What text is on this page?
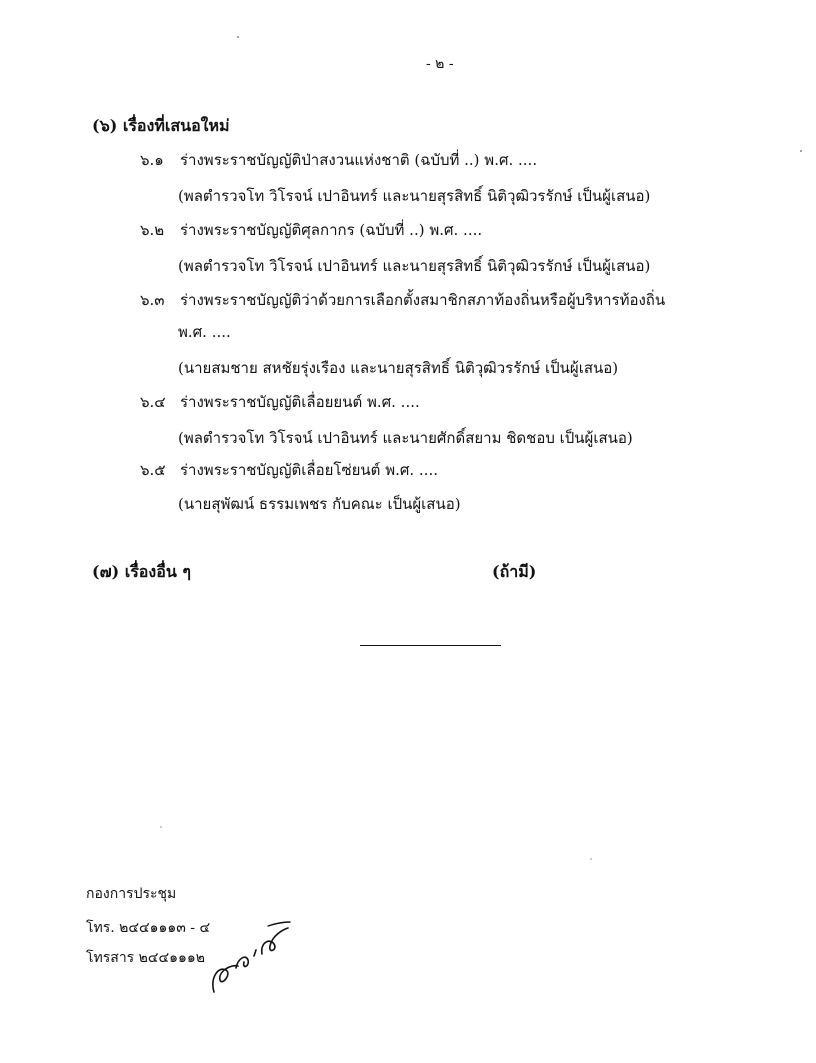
- ๒ -
(๖) เรื่องที่เสนอใหม่
๖.๑ ร่างพระราชบัญญัติป่าสงวนแห่งชาติ (ฉบับที่ ..) พ.ศ. ....
(พลตำรวจโท วิโรจน์ เปาอินทร์ และนายสุรสิทธิ์ นิติวุฒิวรรักษ์ เป็นผู้เสนอ)
๖.๒ ร่างพระราชบัญญัติศุลกากร (ฉบับที่ ..) พ.ศ. ....
(พลตำรวจโท วิโรจน์ เปาอินทร์ และนายสุรสิทธิ์ นิติวุฒิวรรักษ์ เป็นผู้เสนอ)
๖.๓ ร่างพระราชบัญญัติว่าด้วยการเลือกตั้งสมาชิกสภาท้องถิ่นหรือผู้บริหารท้องถิ่น
พ.ศ. ....
(นายสมชาย สหชัยรุ่งเรือง และนายสุรสิทธิ์ นิติวุฒิวรรักษ์ เป็นผู้เสนอ)
๖.๔ ร่างพระราชบัญญัติเลื่อยยนต์ พ.ศ. ....
(พลตำรวจโท วิโรจน์ เปาอินทร์ และนายศักดิ์สยาม ชิดชอบ เป็นผู้เสนอ)
๖.๕ ร่างพระราชบัญญัติเลื่อยโซ่ยนต์ พ.ศ. ....
(นายสุพัฒน์ ธรรมเพชร กับคณะ เป็นผู้เสนอ)
(๗) เรื่องอื่น ๆ	(ถ้ามี)
กองการประชุม
โทร. ๒๔๔๑๑๑๓ - ๔
โทรสาร ๒๔๔๑๑๑๒
